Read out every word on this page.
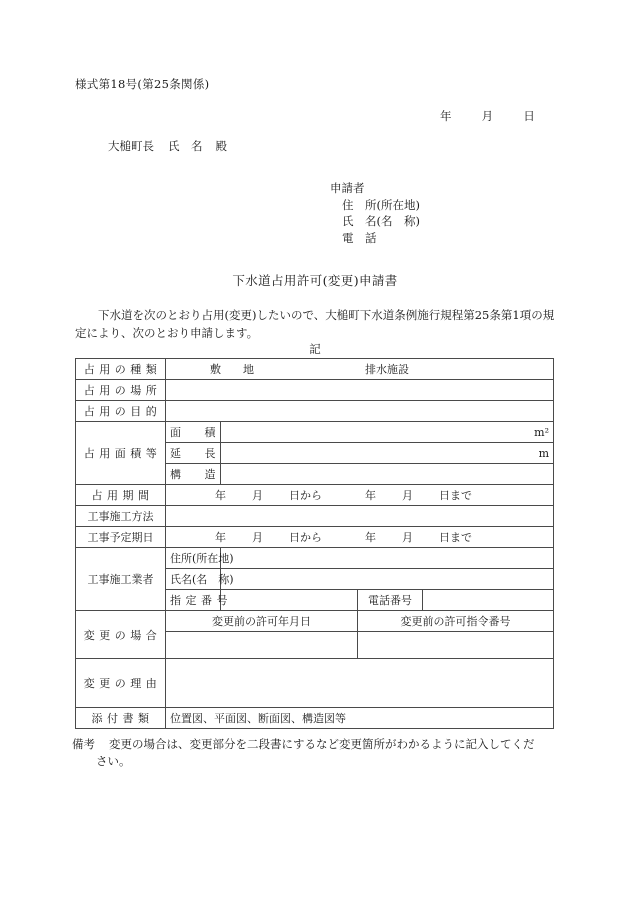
様式第18号(第25条関係)
年	月	日
大槌町長 氏　名 殿
申請者
住　所(所在地)
氏　名(名　称)
電　話
下水道占用許可(変更)申請書
下水道を次のとおり占用(変更)したいので、大槌町下水道条例施行規程第25条第1項の規定により、次のとおり申請します。
記
占 用 の 種 類	敷　　地 排水施設			

占 用 の 場 所				
占 用 の 目 的				
占 用 面 積 等	面　　積	m²		
	延　　長	m		
	構　　造			
占 用 期 間	年 月 日から 年 月 日まで			

工事施工方法				
工事予定期日	年 月 日から 年 月 日まで			

工事施工業者	住所(所在地)			
	氏名(名　称)			
	指 定 番 号		電話番号	
変 更 の 場 合	変更前の許可年月日		変更前の許可指令番号	

変 更 の 理 由				
添 付 書 類	位置図、平面図、断面図、構造図等			
備考 変更の場合は、変更部分を二段書にするなど変更箇所がわかるように記入してくだ
さい。
